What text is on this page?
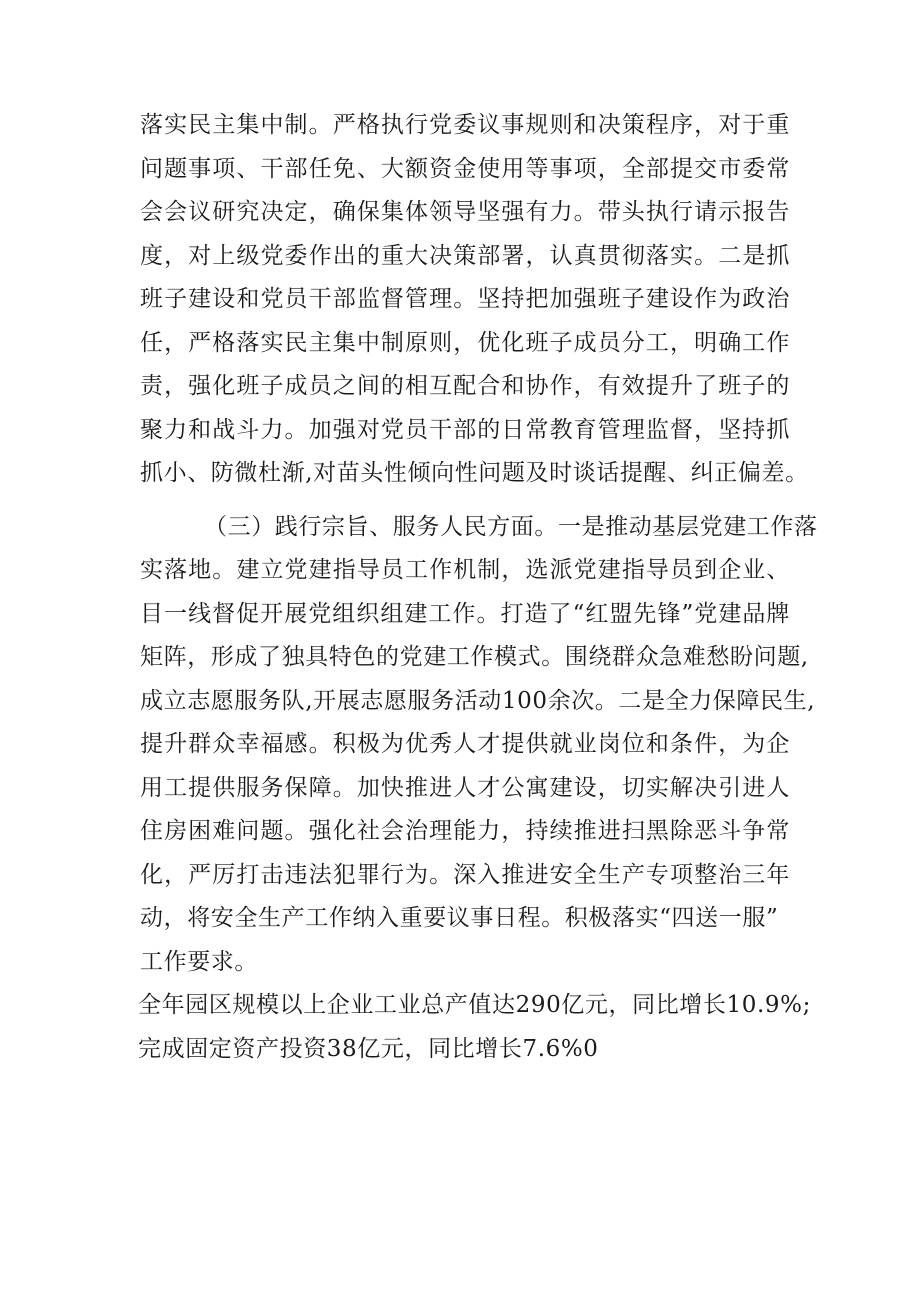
落实民主集中制。严格执行党委议事规则和决策程序，对于重
问题事项、干部任免、大额资金使用等事项，全部提交市委常
会会议研究决定，确保集体领导坚强有力。带头执行请示报告
度，对上级党委作出的重大决策部署，认真贯彻落实。二是抓
班子建设和党员干部监督管理。坚持把加强班子建设作为政治
任，严格落实民主集中制原则，优化班子成员分工，明确工作
责，强化班子成员之间的相互配合和协作，有效提升了班子的
聚力和战斗力。加强对党员干部的日常教育管理监督，坚持抓
抓小、防微杜渐,对苗头性倾向性问题及时谈话提醒、纠正偏差。
（三）践行宗旨、服务人民方面。一是推动基层党建工作落
实落地。建立党建指导员工作机制，选派党建指导员到企业、
目一线督促开展党组织组建工作。打造了“红盟先锋”党建品牌
矩阵，形成了独具特色的党建工作模式。围绕群众急难愁盼问题,
成立志愿服务队,开展志愿服务活动100余次。二是全力保障民生,
提升群众幸福感。积极为优秀人才提供就业岗位和条件，为企
用工提供服务保障。加快推进人才公寓建设，切实解决引进人
住房困难问题。强化社会治理能力，持续推进扫黑除恶斗争常
化，严厉打击违法犯罪行为。深入推进安全生产专项整治三年
动，将安全生产工作纳入重要议事日程。积极落实“四送一服”
工作要求。
全年园区规模以上企业工业总产值达290亿元，同比增长10.9%;
完成固定资产投资38亿元，同比增长7.6%0
